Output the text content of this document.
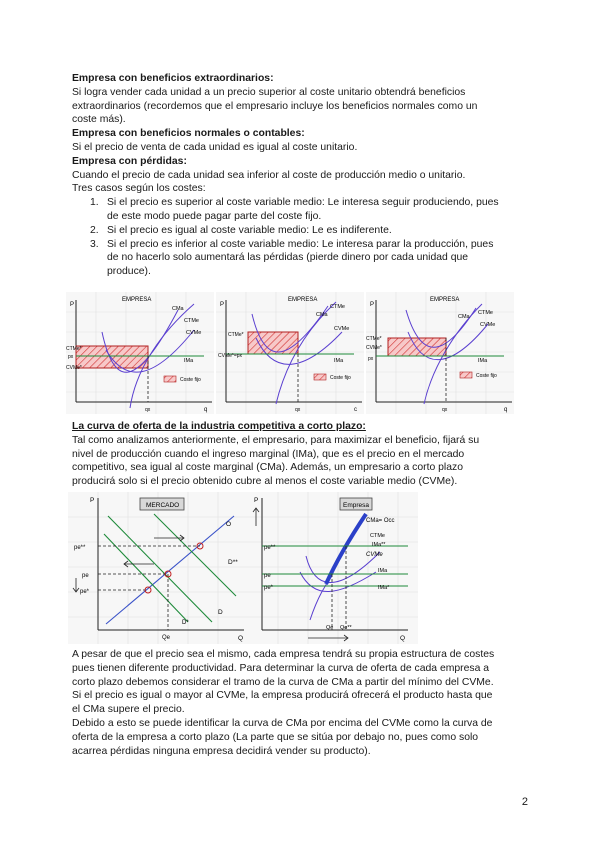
Empresa con beneficios extraordinarios:
Si logra vender cada unidad a un precio superior al coste unitario obtendrá beneficios
extraordinarios (recordemos que el empresario incluye los beneficios normales como un
coste más).
Empresa con beneficios normales o contables:
Si el precio de venta de cada unidad es igual al coste unitario.
Empresa con pérdidas:
Cuando el precio de cada unidad sea inferior al coste de producción medio o unitario.
Tres casos según los costes:
1. Si el precio es superior al coste variable medio: Le interesa seguir produciendo, pues
de este modo puede pagar parte del coste fijo.
2. Si el precio es igual al coste variable medio: Le es indiferente.
3. Si el precio es inferior al coste variable medio: Le interesa parar la producción, pues
de no hacerlo solo aumentará las pérdidas (pierde dinero por cada unidad que
produce).
P
q
EMPRESA
CMa
CTMe
CVMe
IMa
CTMe*
px
CVMe*
qx
Coste fijo
P
c
EMPRESA
CMa
CTMe
CVMe
IMa
CTMe*
CVMe*=px
qx
Coste fijo
P
q
EMPRESA
CMa
CTMe
CVMe
IMa
CTMe*
CVMe*
px
qx
Coste fijo
La curva de oferta de la industria competitiva a corto plazo:
Tal como analizamos anteriormente, el empresario, para maximizar el beneficio, fijará su
nivel de producción cuando el ingreso marginal (IMa), que es el precio en el mercado
competitivo, sea igual al coste marginal (CMa). Además, un empresario a corto plazo
producirá solo si el precio obtenido cubre al menos el coste variable medio (CVMe).
MERCADO
P
Q
O
D
D**
D*
pe**
pe
pe*
Qe
Empresa
P
Q
CMa= Occ
CTMe
IMa**
CVMe
IMa
IMa*
pe**
pe
pe*
Qe Qe**
A pesar de que el precio sea el mismo, cada empresa tendrá su propia estructura de costes
pues tienen diferente productividad. Para determinar la curva de oferta de cada empresa a
corto plazo debemos considerar el tramo de la curva de CMa a partir del mínimo del CVMe.
Si el precio es igual o mayor al CVMe, la empresa producirá ofrecerá el producto hasta que
el CMa supere el precio.
Debido a esto se puede identificar la curva de CMa por encima del CVMe como la curva de
oferta de la empresa a corto plazo (La parte que se sitúa por debajo no, pues como solo
acarrea pérdidas ninguna empresa decidirá vender su producto).
2
